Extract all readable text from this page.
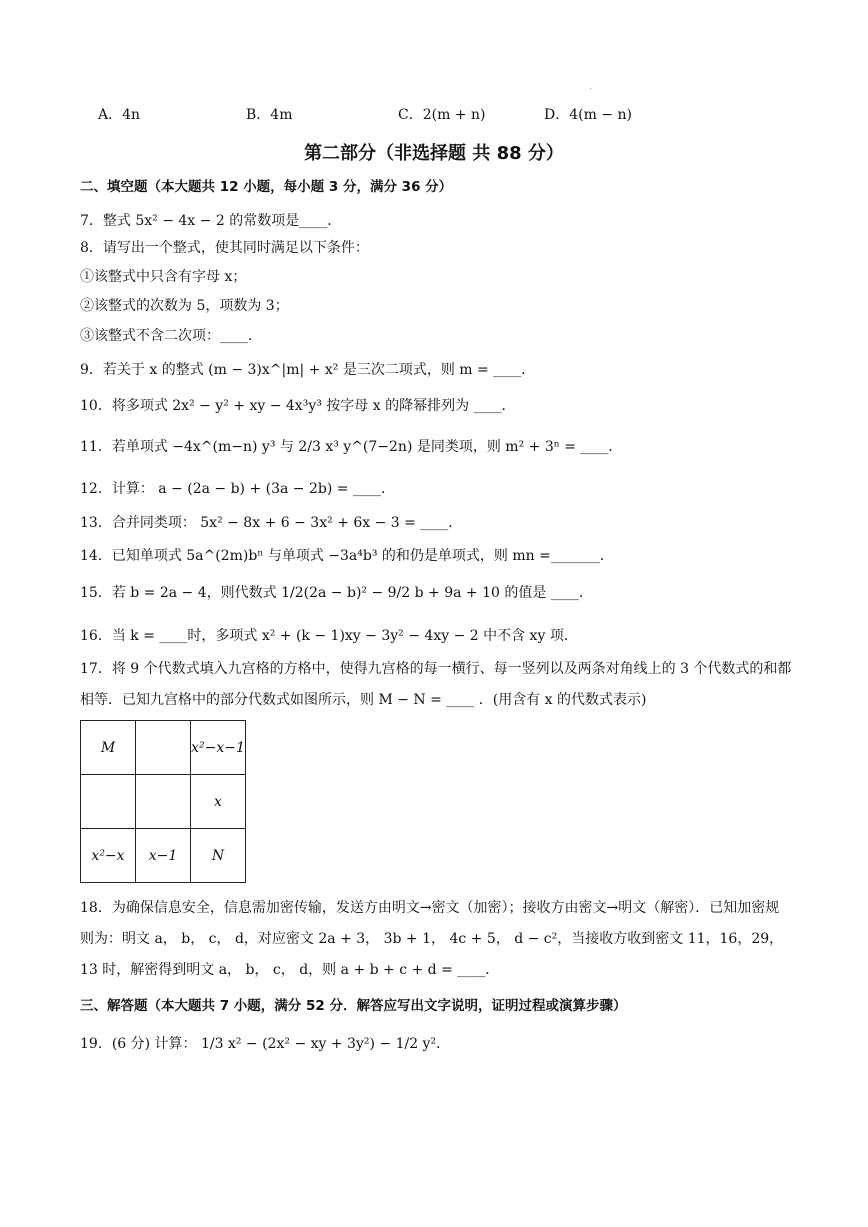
A．4n	B．4m	C．2(m + n)	D．4(m − n)
第二部分（非选择题 共 88 分）
二、填空题（本大题共 12 小题，每小题 3 分，满分 36 分）
7．整式 5x² − 4x − 2 的常数项是____．
8．请写出一个整式，使其同时满足以下条件：
①该整式中只含有字母 x；
②该整式的次数为 5，项数为 3；
③该整式不含二次项：____．
9．若关于 x 的整式 (m − 3)x^|m| + x² 是三次二项式，则 m = ____．
10．将多项式 2x² − y² + xy − 4x³y³ 按字母 x 的降幂排列为 ____．
11．若单项式 −4x^(m−n) y³ 与 2/3 x³ y^(7−2n) 是同类项，则 m² + 3ⁿ = ____．
12．计算： a − (2a − b) + (3a − 2b) = ____．
13．合并同类项： 5x² − 8x + 6 − 3x² + 6x − 3 = ____．
14．已知单项式 5a^(2m)bⁿ 与单项式 −3a⁴b³ 的和仍是单项式，则 mn =_______．
15．若 b = 2a − 4，则代数式 1/2(2a − b)² − 9/2 b + 9a + 10 的值是 ____．
16．当 k = ____时，多项式 x² + (k − 1)xy − 3y² − 4xy − 2 中不含 xy 项．
17．将 9 个代数式填入九宫格的方格中，使得九宫格的每一横行、每一竖列以及两条对角线上的 3 个代数式的和都相等．已知九宫格中的部分代数式如图所示，则 M − N = ____ ．(用含有 x 的代数式表示)
M		x²−x−1
		x
x²−x	x−1	N
18．为确保信息安全，信息需加密传输，发送方由明文→密文（加密）；接收方由密文→明文（解密）．已知加密规则为：明文 a， b， c， d，对应密文 2a + 3， 3b + 1， 4c + 5， d − c²，当接收方收到密文 11，16，29，13 时，解密得到明文 a， b， c， d，则 a + b + c + d = ____．
三、解答题（本大题共 7 小题，满分 52 分．解答应写出文字说明，证明过程或演算步骤）
19．(6 分) 计算： 1/3 x² − (2x² − xy + 3y²) − 1/2 y²．
